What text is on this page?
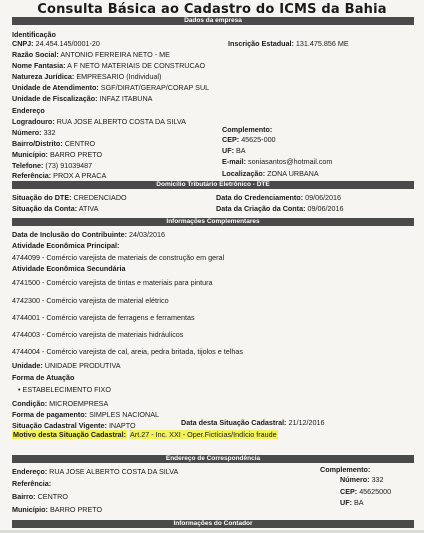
Consulta Básica ao Cadastro do ICMS da Bahia
Dados da empresa
Identificação
CNPJ: 24.454.145/0001-20	Inscrição Estadual: 131.475.856 ME
Razão Social: ANTONIO FERREIRA NETO - ME
Nome Fantasia: A F NETO MATERIAIS DE CONSTRUCAO
Natureza Jurídica: EMPRESARIO (Individual)
Unidade de Atendimento: SGF/DIRAT/GERAP/CORAP SUL
Unidade de Fiscalização: INFAZ ITABUNA
Endereço
Logradouro: RUA JOSE ALBERTO COSTA DA SILVA
Número: 332	Complemento:
Bairro/Distrito: CENTRO	CEP: 45625-000
Município: BARRO PRETO	UF: BA
Telefone: (73) 91039487	E-mail: soniasantos@hotmail.com
Referência: PROX A PRACA	Localização: ZONA URBANA
Domicílio Tributário Eletrônico - DTE
Situação do DTE: CREDENCIADO	Data do Credenciamento: 09/06/2016
Situação da Conta: ATIVA	Data da Criação da Conta: 09/06/2016
Informações Complementares
Data de Inclusão do Contribuinte: 24/03/2016
Atividade Econômica Principal:
4744099 - Comércio varejista de materiais de construção em geral
Atividade Econômica Secundária
4741500 - Comércio varejista de tintas e materiais para pintura
4742300 - Comércio varejista de material elétrico
4744001 - Comércio varejista de ferragens e ferramentas
4744003 - Comércio varejista de materiais hidráulicos
4744004 - Comércio varejista de cal, areia, pedra britada, tijolos e telhas
Unidade: UNIDADE PRODUTIVA
Forma de Atuação
• ESTABELECIMENTO FIXO
Condição: MICROEMPRESA
Forma de pagamento: SIMPLES NACIONAL
Situação Cadastral Vigente: INAPTO	Data desta Situação Cadastral: 21/12/2016
Motivo desta Situação Cadastral: Art.27 - Inc. XXI - Oper.Fictícias/Indício fraude
Endereço de Correspondência
Endereço: RUA JOSE ALBERTO COSTA DA SILVA	Complemento:
Número: 332
Referência:
CEP: 45625000
Bairro: CENTRO
UF: BA
Município: BARRO PRETO
Informações do Contador
